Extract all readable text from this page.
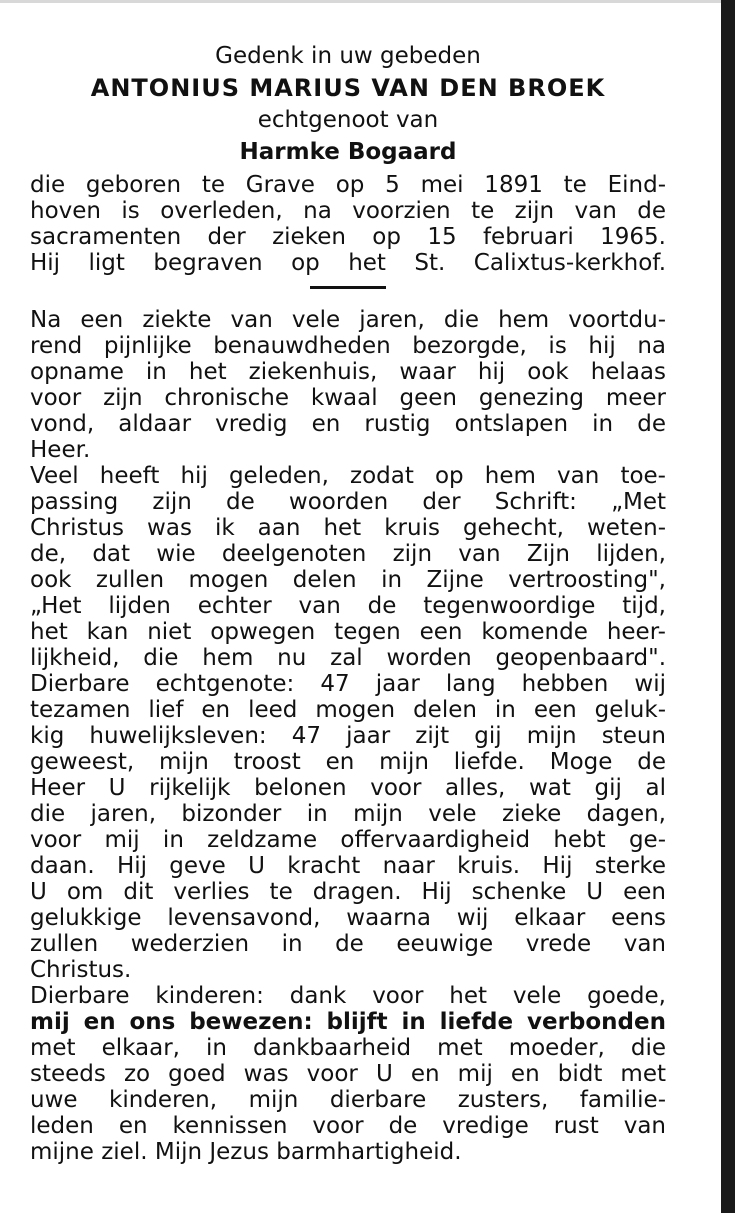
Gedenk in uw gebeden
ANTONIUS MARIUS VAN DEN BROEK
echtgenoot van
Harmke Bogaard
die geboren te Grave op 5 mei 1891 te Eind-
hoven is overleden, na voorzien te zijn van de
sacramenten der zieken op 15 februari 1965.
Hij ligt begraven op het St. Calixtus-kerkhof.
Na een ziekte van vele jaren, die hem voortdu-
rend pijnlijke benauwdheden bezorgde, is hij na
opname in het ziekenhuis, waar hij ook helaas
voor zijn chronische kwaal geen genezing meer
vond, aldaar vredig en rustig ontslapen in de
Heer.
Veel heeft hij geleden, zodat op hem van toe-
passing zijn de woorden der Schrift: „Met
Christus was ik aan het kruis gehecht, weten-
de, dat wie deelgenoten zijn van Zijn lijden,
ook zullen mogen delen in Zijne vertroosting",
„Het lijden echter van de tegenwoordige tijd,
het kan niet opwegen tegen een komende heer-
lijkheid, die hem nu zal worden geopenbaard".
Dierbare echtgenote: 47 jaar lang hebben wij
tezamen lief en leed mogen delen in een geluk-
kig huwelijksleven: 47 jaar zijt gij mijn steun
geweest, mijn troost en mijn liefde. Moge de
Heer U rijkelijk belonen voor alles, wat gij al
die jaren, bizonder in mijn vele zieke dagen,
voor mij in zeldzame offervaardigheid hebt ge-
daan. Hij geve U kracht naar kruis. Hij sterke
U om dit verlies te dragen. Hij schenke U een
gelukkige levensavond, waarna wij elkaar eens
zullen wederzien in de eeuwige vrede van
Christus.
Dierbare kinderen: dank voor het vele goede,
mij en ons bewezen: blijft in liefde verbonden
met elkaar, in dankbaarheid met moeder, die
steeds zo goed was voor U en mij en bidt met
uwe kinderen, mijn dierbare zusters, familie-
leden en kennissen voor de vredige rust van
mijne ziel. Mijn Jezus barmhartigheid.
